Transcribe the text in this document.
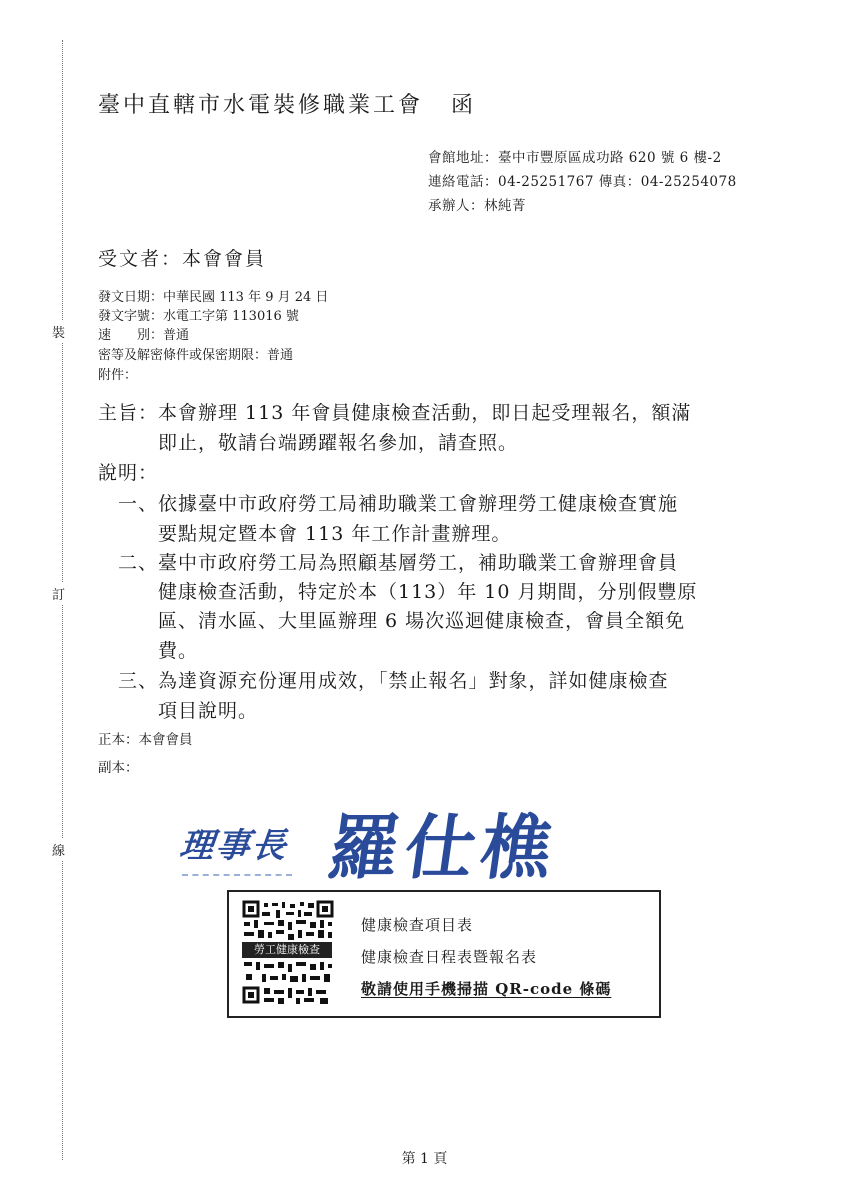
裝
訂
線
臺中直轄市水電裝修職業工會 函
會館地址：臺中市豐原區成功路 620 號 6 樓-2
連絡電話：04-25251767 傳真：04-25254078
承辦人：林純菁
受文者：本會會員
發文日期：中華民國 113 年 9 月 24 日
發文字號：水電工字第 113016 號
速　　別：普通
密等及解密條件或保密期限：普通
附件：
主旨：本會辦理 113 年會員健康檢查活動，即日起受理報名，額滿
　　　即止，敬請台端踴躍報名參加，請查照。
說明：
　一、依據臺中市政府勞工局補助職業工會辦理勞工健康檢查實施
　　　要點規定暨本會 113 年工作計畫辦理。
　二、臺中市政府勞工局為照顧基層勞工，補助職業工會辦理會員
　　　健康檢查活動，特定於本（113）年 10 月期間，分別假豐原
　　　區、清水區、大里區辦理 6 場次巡迴健康檢查，會員全額免
　　　費。
　三、為達資源充份運用成效，「禁止報名」對象，詳如健康檢查
　　　項目說明。
正本：本會會員
副本：
理事長 羅仕樵
勞工健康檢查
健康檢查項目表
健康檢查日程表暨報名表
敬請使用手機掃描 QR-code 條碼
第 1 頁
